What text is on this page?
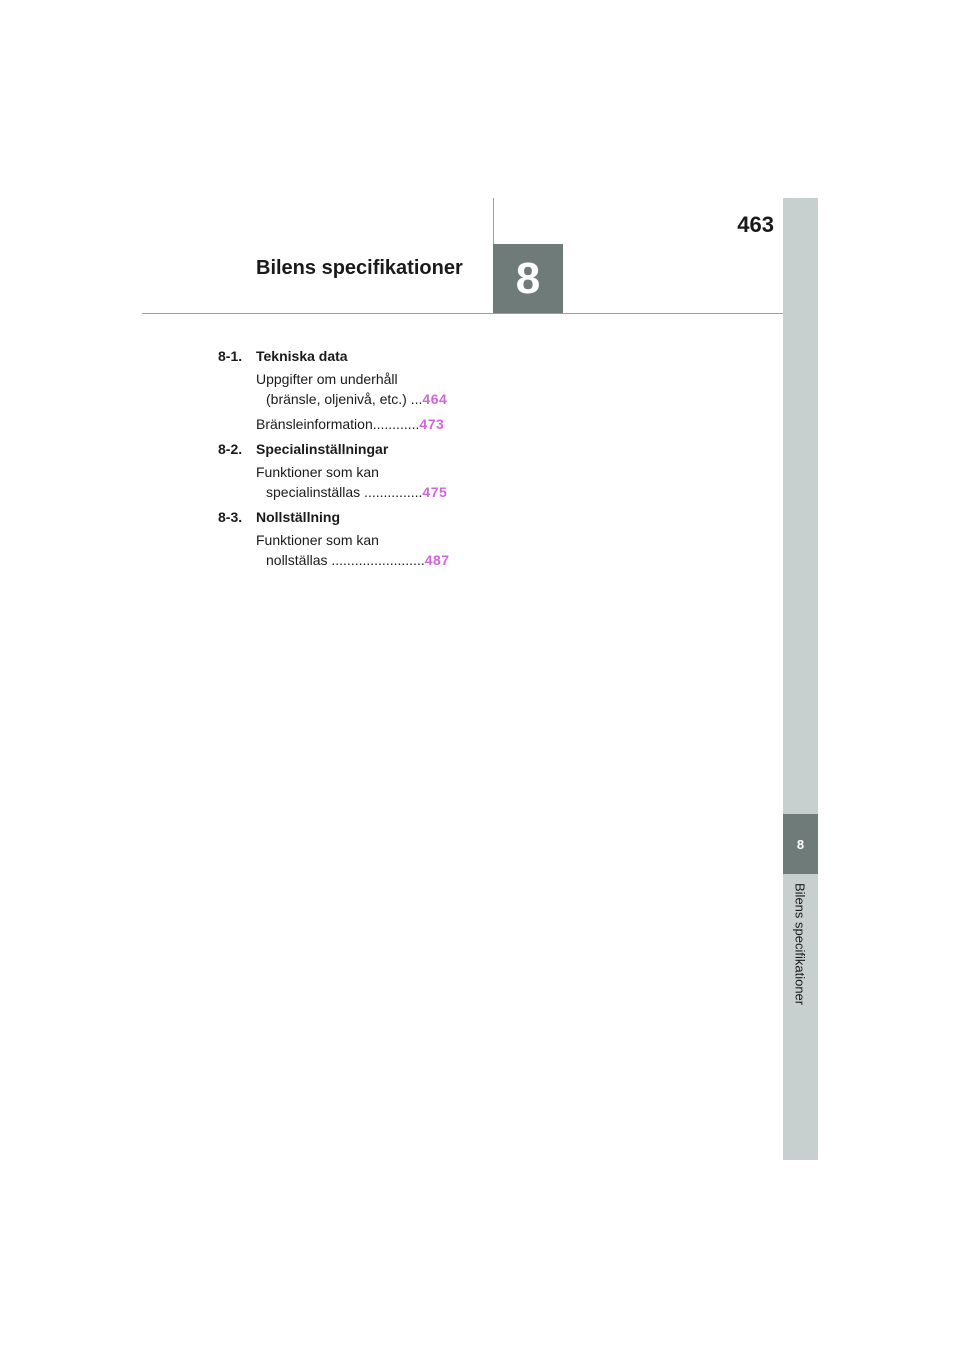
463
Bilens specifikationer	8
8
Bilens specifikationer
8-1. Tekniska data
Uppgifter om underhåll
(bränsle, oljenivå, etc.) ... 464
Bränsleinformation............ 473
8-2. Specialinställningar
Funktioner som kan
specialinställas ............... 475
8-3. Nollställning
Funktioner som kan
nollställas ........................ 487
